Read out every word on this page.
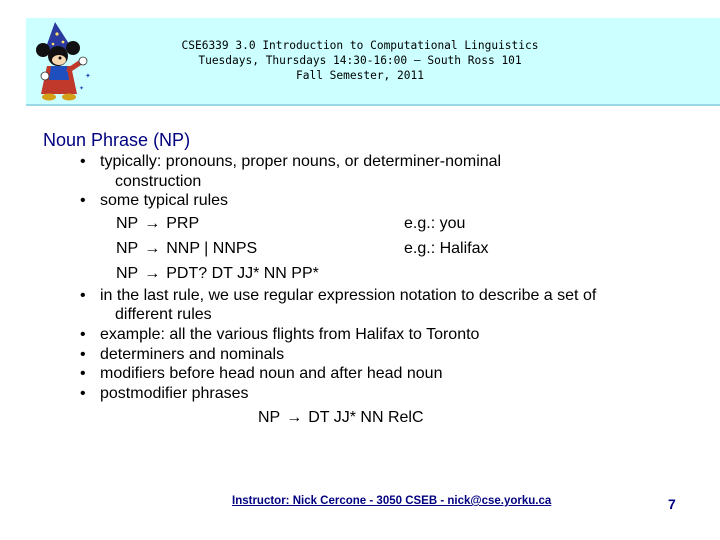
✦
✦
CSE6339 3.0 Introduction to Computational Linguistics
Tuesdays, Thursdays 14:30-16:00 – South Ross 101
Fall Semester, 2011
Noun Phrase (NP)
• typically: pronouns, proper nouns, or determiner-nominal
construction
• some typical rules
NP → PRP	e.g.: you
NP → NNP | NNPS	e.g.: Halifax
NP → PDT? DT JJ* NN PP*
• in the last rule, we use regular expression notation to describe a set of
different rules
• example: all the various flights from Halifax to Toronto
• determiners and nominals
• modifiers before head noun and after head noun
• postmodifier phrases
NP → DT JJ* NN RelC
Instructor: Nick Cercone - 3050 CSEB - nick@cse.yorku.ca	7
